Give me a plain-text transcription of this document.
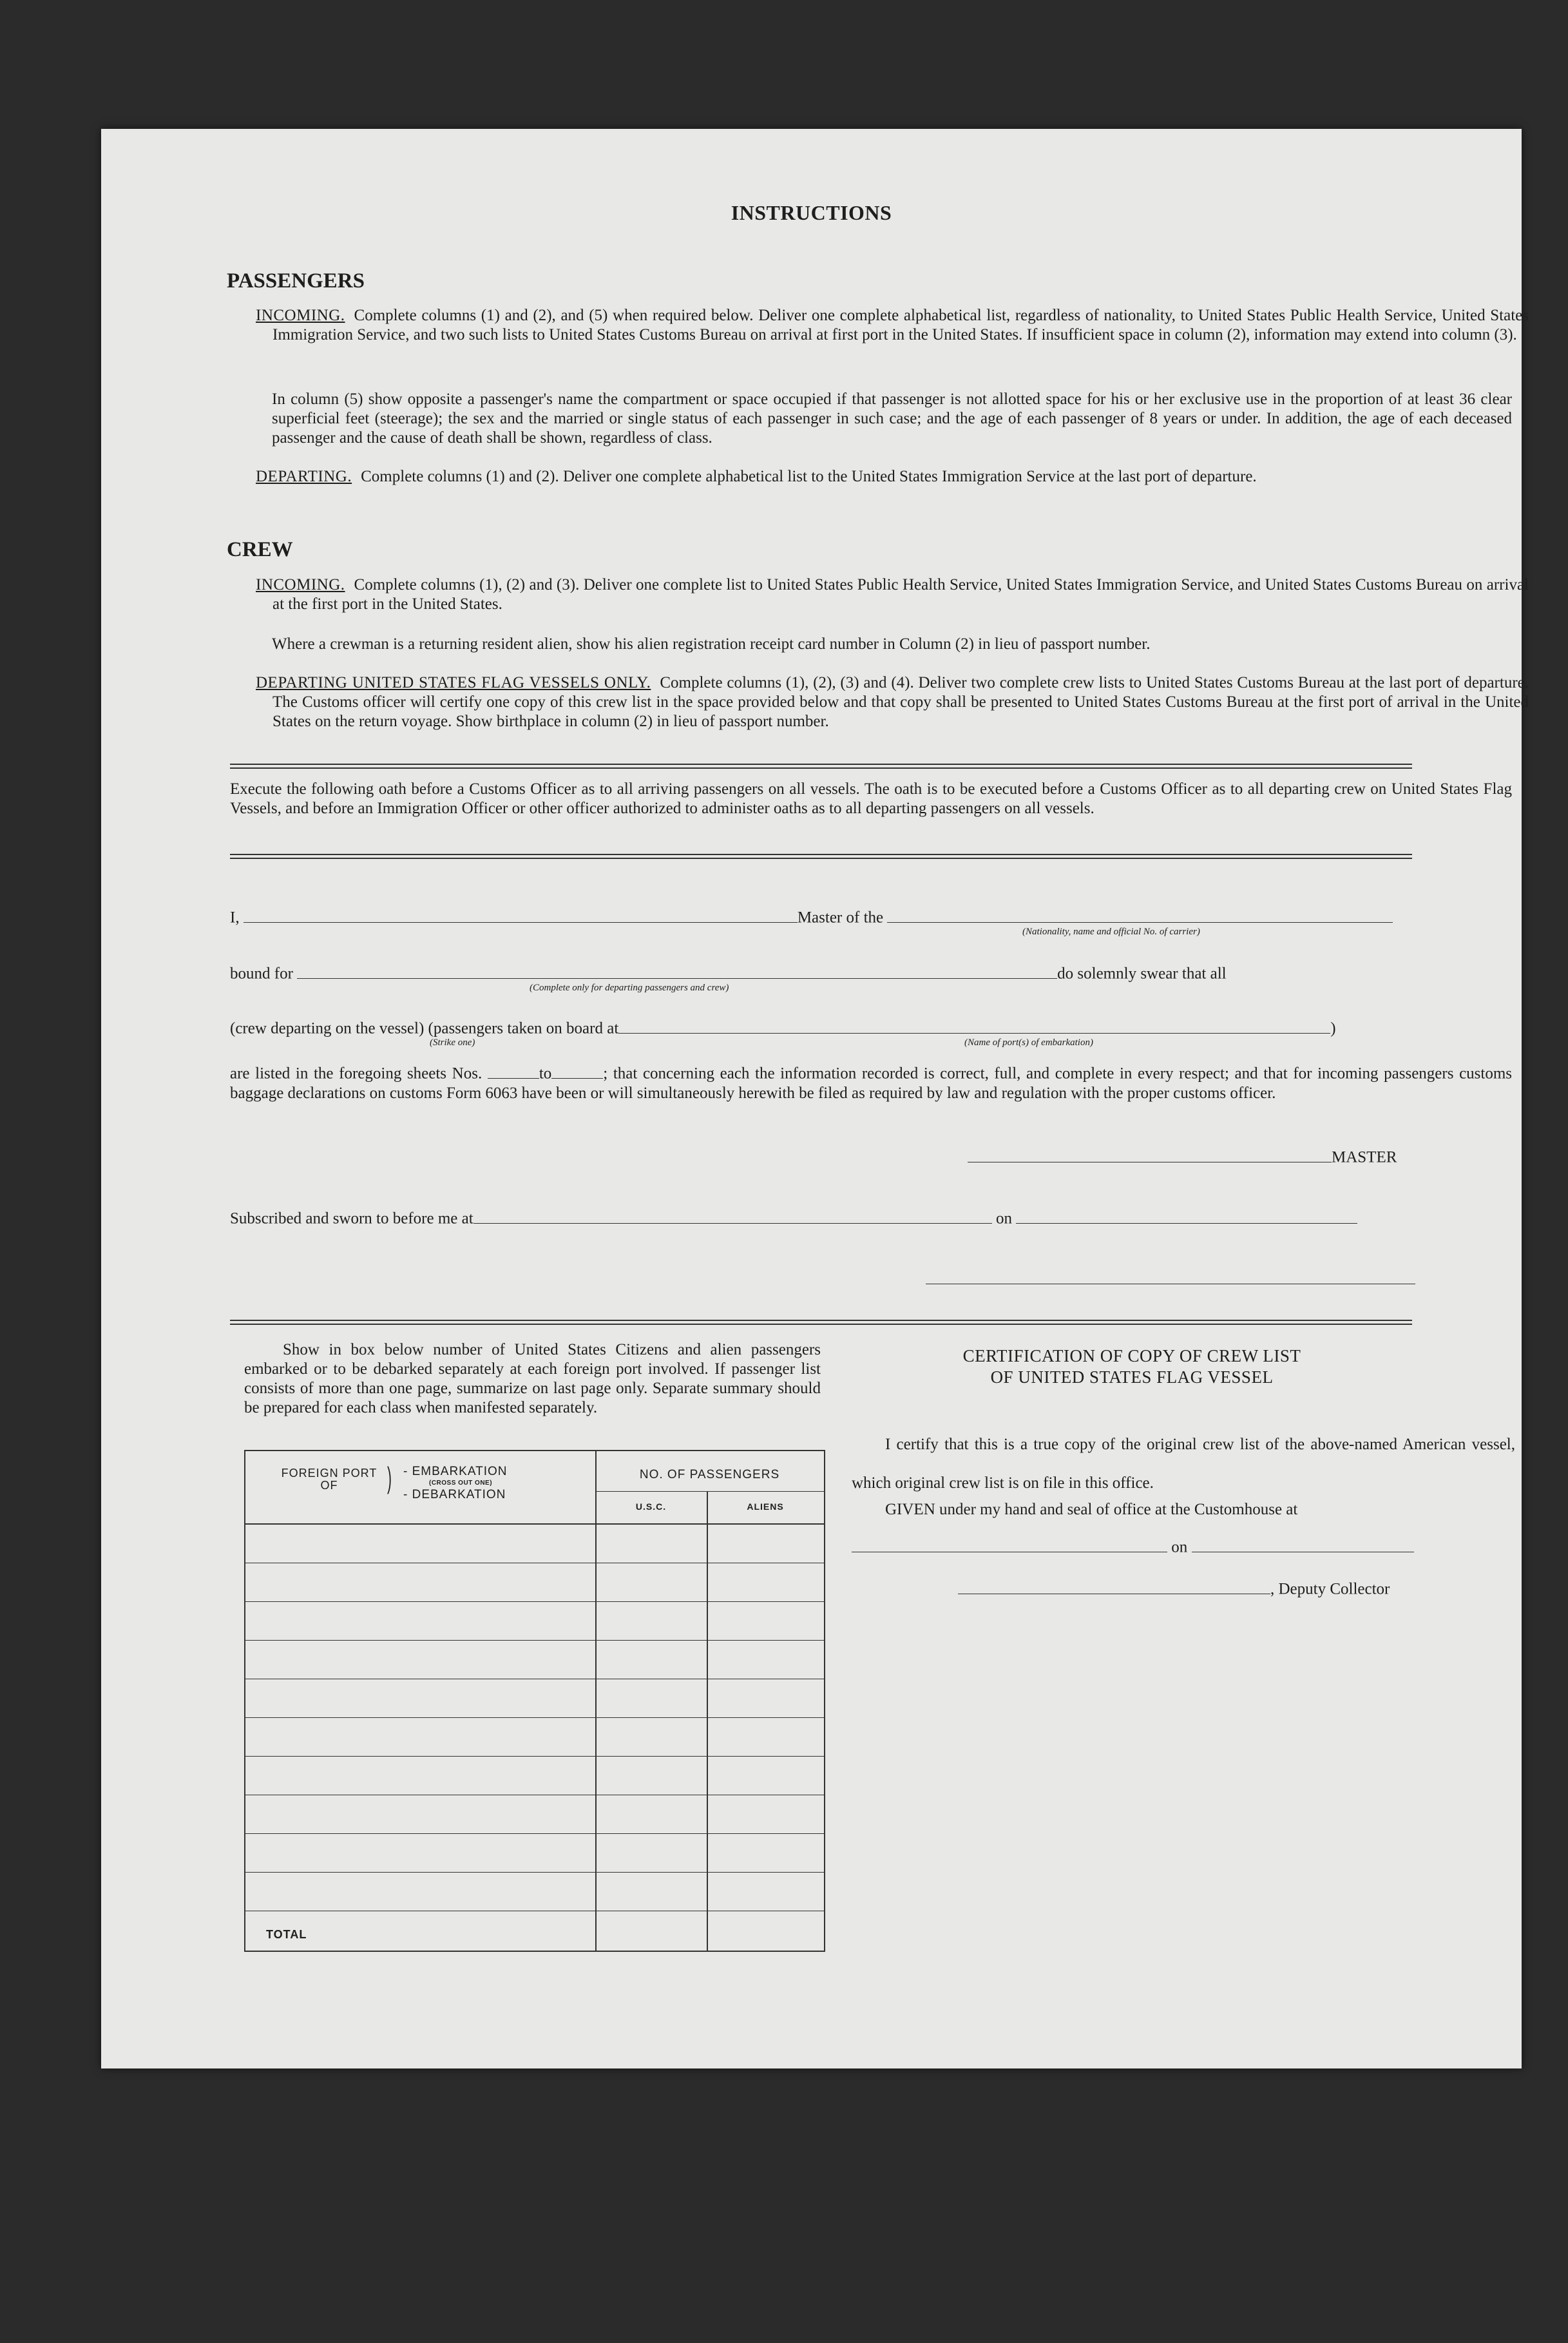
INSTRUCTIONS
PASSENGERS
INCOMING. Complete columns (1) and (2), and (5) when required below. Deliver one complete alphabetical list, regardless of nationality, to United States Public Health Service, United States Immigration Service, and two such lists to United States Customs Bureau on arrival at first port in the United States. If insufficient space in column (2), information may extend into column (3).
In column (5) show opposite a passenger's name the compartment or space occupied if that passenger is not allotted space for his or her exclusive use in the proportion of at least 36 clear superficial feet (steerage); the sex and the married or single status of each passenger in such case; and the age of each passenger of 8 years or under. In addition, the age of each deceased passenger and the cause of death shall be shown, regardless of class.
DEPARTING. Complete columns (1) and (2). Deliver one complete alphabetical list to the United States Immigration Service at the last port of departure.
CREW
INCOMING. Complete columns (1), (2) and (3). Deliver one complete list to United States Public Health Service, United States Immigration Service, and United States Customs Bureau on arrival at the first port in the United States.
Where a crewman is a returning resident alien, show his alien registration receipt card number in Column (2) in lieu of passport number.
DEPARTING UNITED STATES FLAG VESSELS ONLY. Complete columns (1), (2), (3) and (4). Deliver two complete crew lists to United States Customs Bureau at the last port of departure. The Customs officer will certify one copy of this crew list in the space provided below and that copy shall be presented to United States Customs Bureau at the first port of arrival in the United States on the return voyage. Show birthplace in column (2) in lieu of passport number.
Execute the following oath before a Customs Officer as to all arriving passengers on all vessels. The oath is to be executed before a Customs Officer as to all departing crew on United States Flag Vessels, and before an Immigration Officer or other officer authorized to administer oaths as to all departing passengers on all vessels.
I,	Master of the
(Nationality, name and official No. of carrier)
bound for	do solemnly swear that all
(Complete only for departing passengers and crew)
(crew departing on the vessel) (passengers taken on board at	)
(Strike one)	(Name of port(s) of embarkation)
are listed in the foregoing sheets Nos.	to	; that concerning each the information recorded is correct, full, and complete in every respect; and that for incoming passengers customs baggage declarations on customs Form 6063 have been or will simultaneously herewith be filed as required by law and regulation with the proper customs officer.
MASTER
Subscribed and sworn to before me at	on
Show in box below number of United States Citizens and alien passengers embarked or to be debarked separately at each foreign port involved. If passenger list consists of more than one page, summarize on last page only. Separate summary should be prepared for each class when manifested separately.
FOREIGN PORT OF	) - EMBARKATION
(CROSS OUT ONE)
- DEBARKATION
NO. OF PASSENGERS
U.S.C.	ALIENS
TOTAL
CERTIFICATION OF COPY OF CREW LIST
OF UNITED STATES FLAG VESSEL
I certify that this is a true copy of the original crew list of the above-named American vessel, which original crew list is on file in this office.
GIVEN under my hand and seal of office at the Customhouse at
on
, Deputy Collector
